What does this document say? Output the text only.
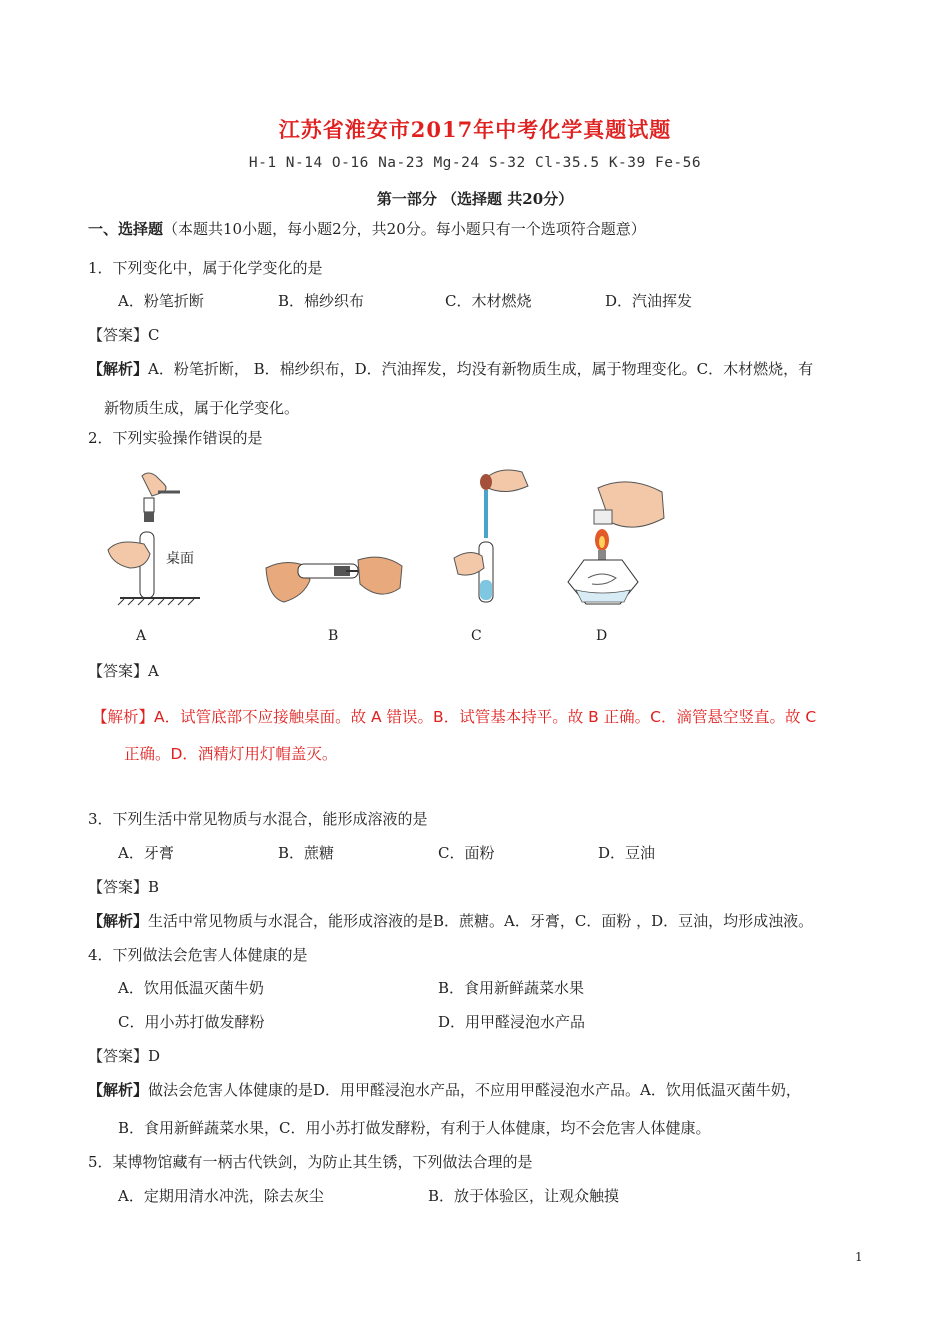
江苏省淮安市2017年中考化学真题试题
H-1 N-14 O-16 Na-23 Mg-24 S-32 Cl-35.5 K-39 Fe-56
第一部分 （选择题 共20分）
一、选择题（本题共10小题，每小题2分，共20分。每小题只有一个选项符合题意）
1．下列变化中，属于化学变化的是
A．粉笔折断	B．棉纱织布	C．木材燃烧	D．汽油挥发
【答案】C
【解析】A．粉笔折断， B．棉纱织布，D．汽油挥发，均没有新物质生成，属于物理变化。C．木材燃烧，有
新物质生成，属于化学变化。
2．下列实验操作错误的是
桌面
A	B	C	D
【答案】A
【解析】A．试管底部不应接触桌面。故 A 错误。B．试管基本持平。故 B 正确。C．滴管悬空竖直。故 C
正确。D．酒精灯用灯帽盖灭。
3．下列生活中常见物质与水混合，能形成溶液的是
A．牙膏	B．蔗糖	C．面粉	D．豆油
【答案】B
【解析】生活中常见物质与水混合，能形成溶液的是B．蔗糖。A．牙膏，C．面粉 ，D．豆油，均形成浊液。
4．下列做法会危害人体健康的是
A．饮用低温灭菌牛奶	B．食用新鲜蔬菜水果
C．用小苏打做发酵粉	D．用甲醛浸泡水产品
【答案】D
【解析】做法会危害人体健康的是D．用甲醛浸泡水产品，不应用甲醛浸泡水产品。A．饮用低温灭菌牛奶，
B．食用新鲜蔬菜水果，C．用小苏打做发酵粉，有利于人体健康，均不会危害人体健康。
5．某博物馆藏有一柄古代铁剑，为防止其生锈，下列做法合理的是
A．定期用清水冲洗，除去灰尘	B．放于体验区，让观众触摸
1
